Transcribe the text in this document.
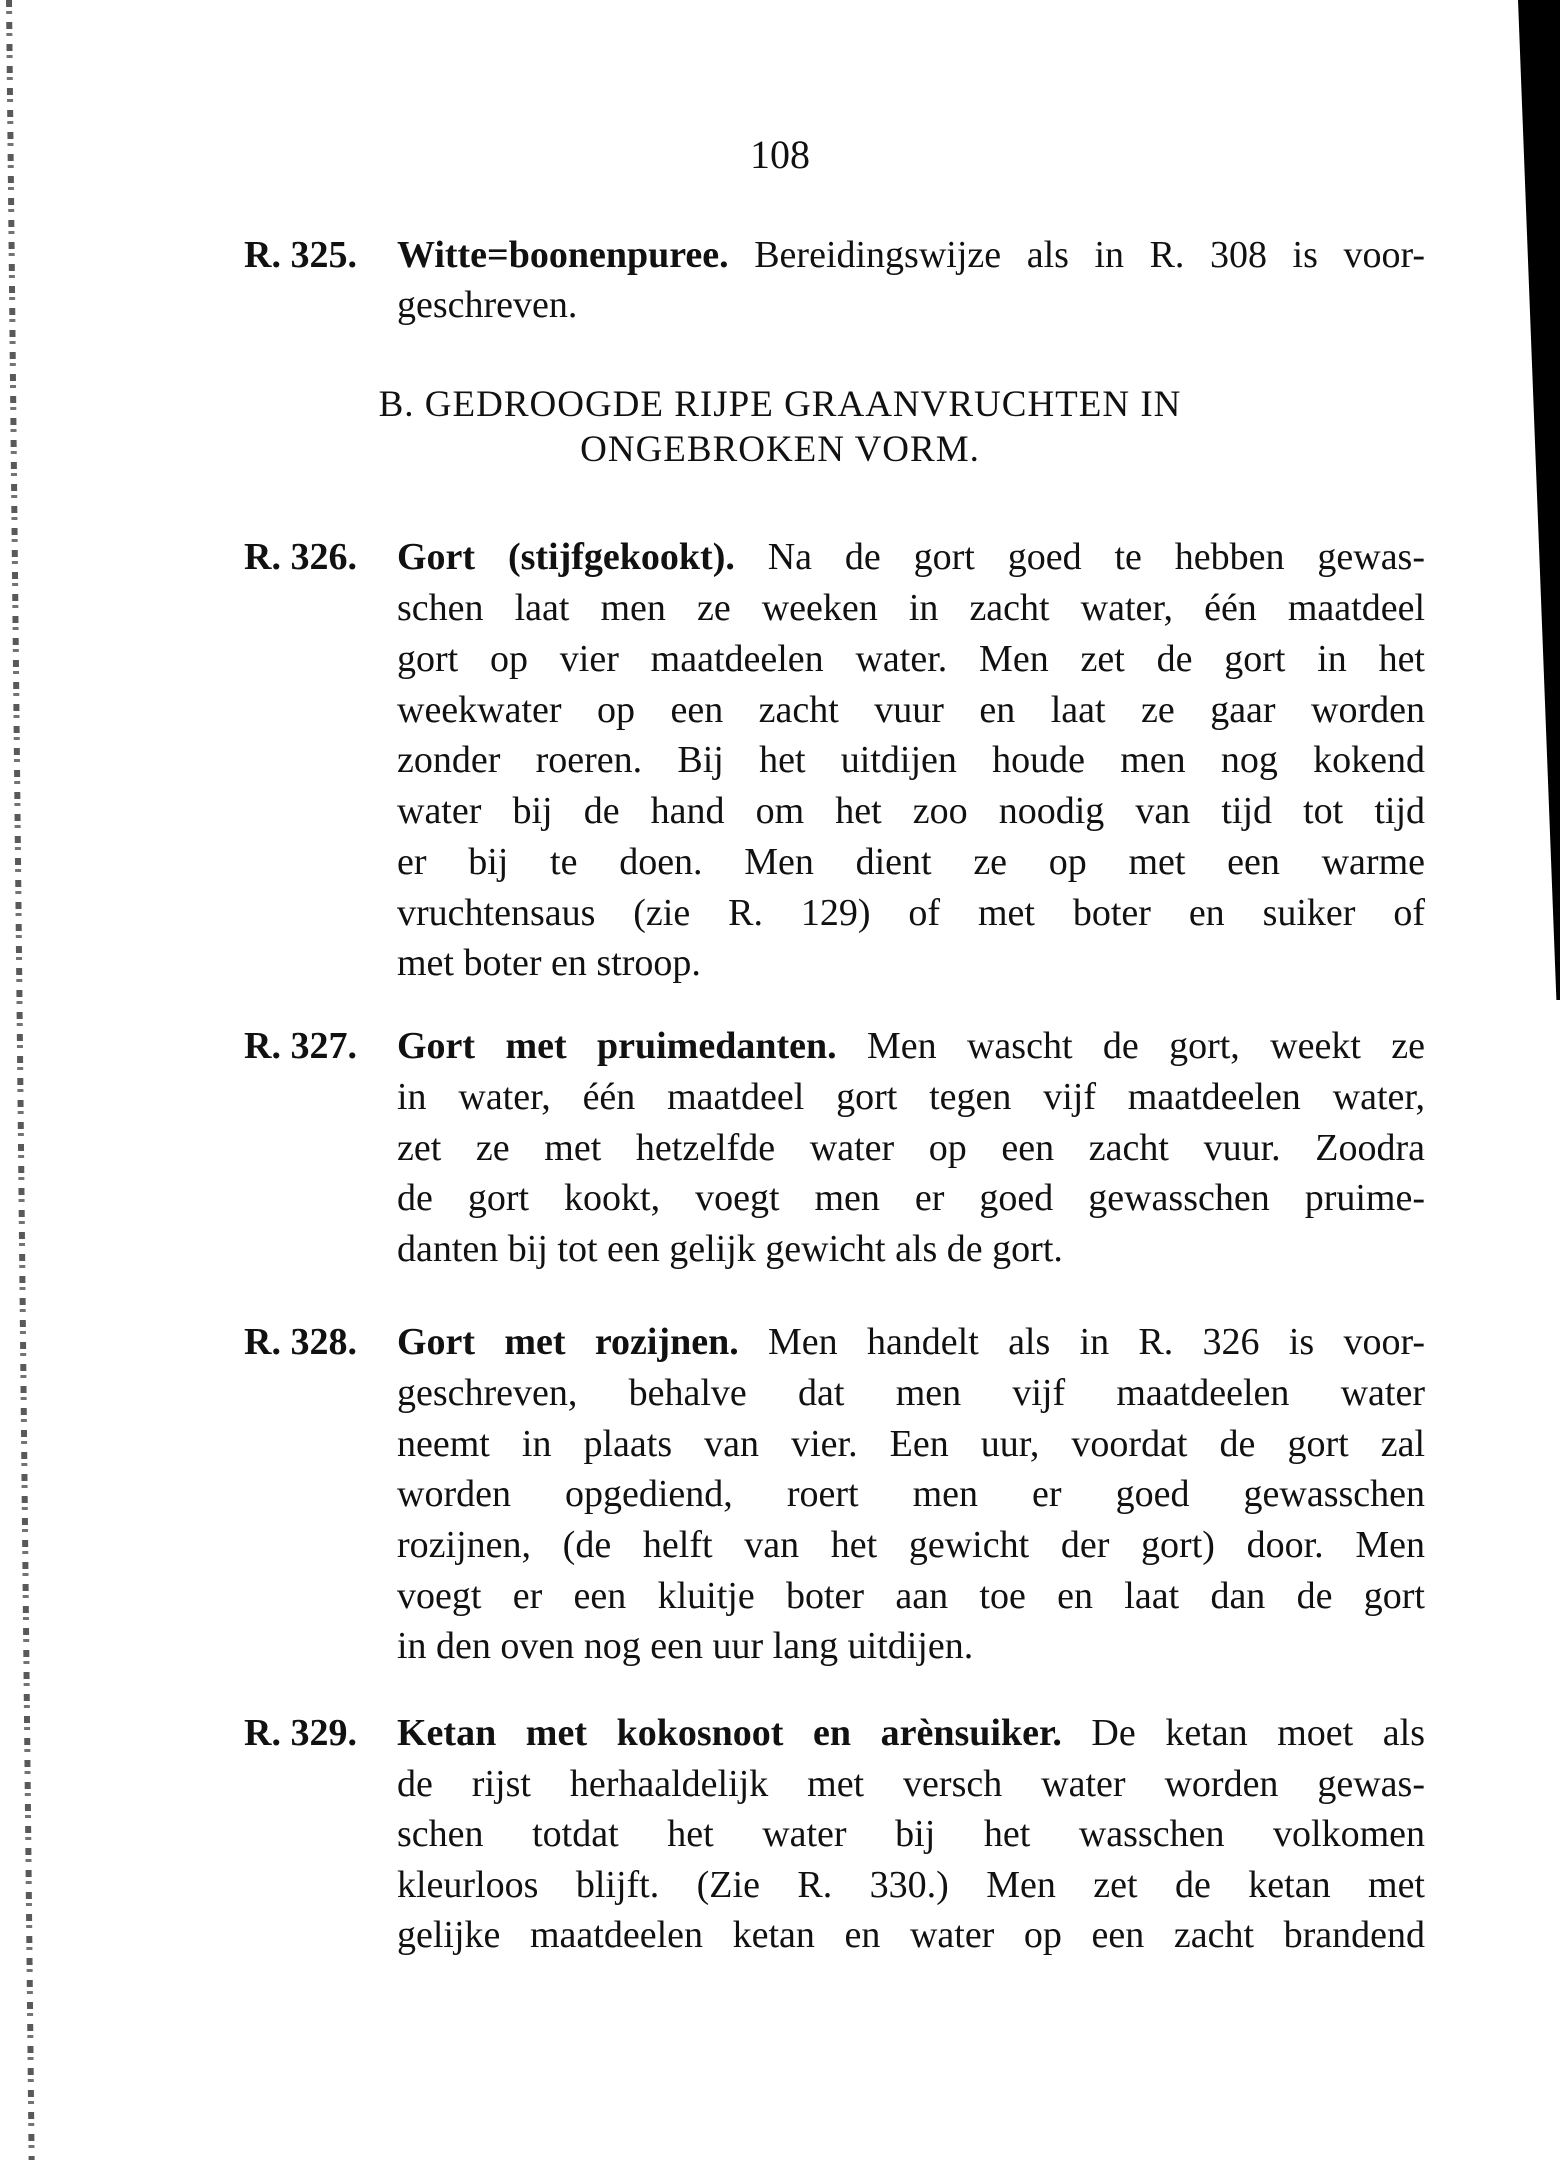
108
R. 325. Witte=boonenpuree. Bereidingswijze als in R. 308 is voor-
geschreven.
B. GEDROOGDE RIJPE GRAANVRUCHTEN IN
ONGEBROKEN VORM.
R. 326. Gort (stijfgekookt). Na de gort goed te hebben gewas-
schen laat men ze weeken in zacht water, één maatdeel
gort op vier maatdeelen water. Men zet de gort in het
weekwater op een zacht vuur en laat ze gaar worden
zonder roeren. Bij het uitdijen houde men nog kokend
water bij de hand om het zoo noodig van tijd tot tijd
er bij te doen. Men dient ze op met een warme
vruchtensaus (zie R. 129) of met boter en suiker of
met boter en stroop.
R. 327. Gort met pruimedanten. Men wascht de gort, weekt ze
in water, één maatdeel gort tegen vijf maatdeelen water,
zet ze met hetzelfde water op een zacht vuur. Zoodra
de gort kookt, voegt men er goed gewasschen pruime-
danten bij tot een gelijk gewicht als de gort.
R. 328. Gort met rozijnen. Men handelt als in R. 326 is voor-
geschreven, behalve dat men vijf maatdeelen water
neemt in plaats van vier. Een uur, voordat de gort zal
worden opgediend, roert men er goed gewasschen
rozijnen, (de helft van het gewicht der gort) door. Men
voegt er een kluitje boter aan toe en laat dan de gort
in den oven nog een uur lang uitdijen.
R. 329. Ketan met kokosnoot en arènsuiker. De ketan moet als
de rijst herhaaldelijk met versch water worden gewas-
schen totdat het water bij het wasschen volkomen
kleurloos blijft. (Zie R. 330.) Men zet de ketan met
gelijke maatdeelen ketan en water op een zacht brandend
